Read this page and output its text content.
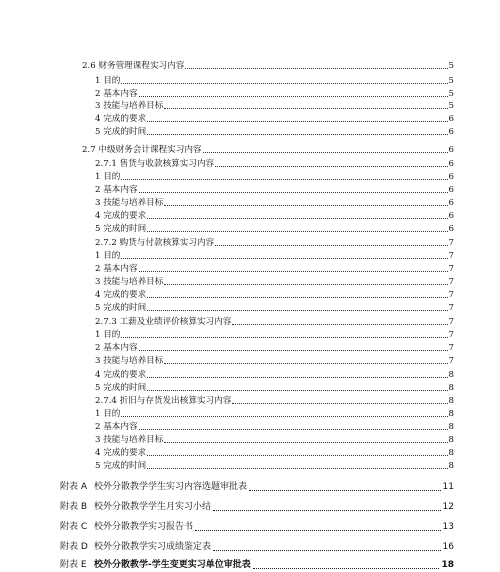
2.6 财务管理课程实习内容	5
1 目的	5
2 基本内容	5
3 技能与培养目标	5
4 完成的要求	6
5 完成的时间	6
2.7 中级财务会计课程实习内容	6
2.7.1 售货与收款核算实习内容	6
1 目的	6
2 基本内容	6
3 技能与培养目标	6
4 完成的要求	6
5 完成的时间	6
2.7.2 购货与付款核算实习内容	7
1 目的	7
2 基本内容	7
3 技能与培养目标	7
4 完成的要求	7
5 完成的时间	7
2.7.3 工薪及业绩评价核算实习内容	7
1 目的	7
2 基本内容	7
3 技能与培养目标	7
4 完成的要求	8
5 完成的时间	8
2.7.4 折旧与存货发出核算实习内容	8
1 目的	8
2 基本内容	8
3 技能与培养目标	8
4 完成的要求	8
5 完成的时间	8
附表 A 校外分散教学学生实习内容选题审批表	11
附表 B 校外分散教学学生月实习小结	12
附表 C 校外分散教学实习报告书	13
附表 D 校外分散教学实习成绩鉴定表	16
附表 E 校外分散教学-学生变更实习单位审批表	18
